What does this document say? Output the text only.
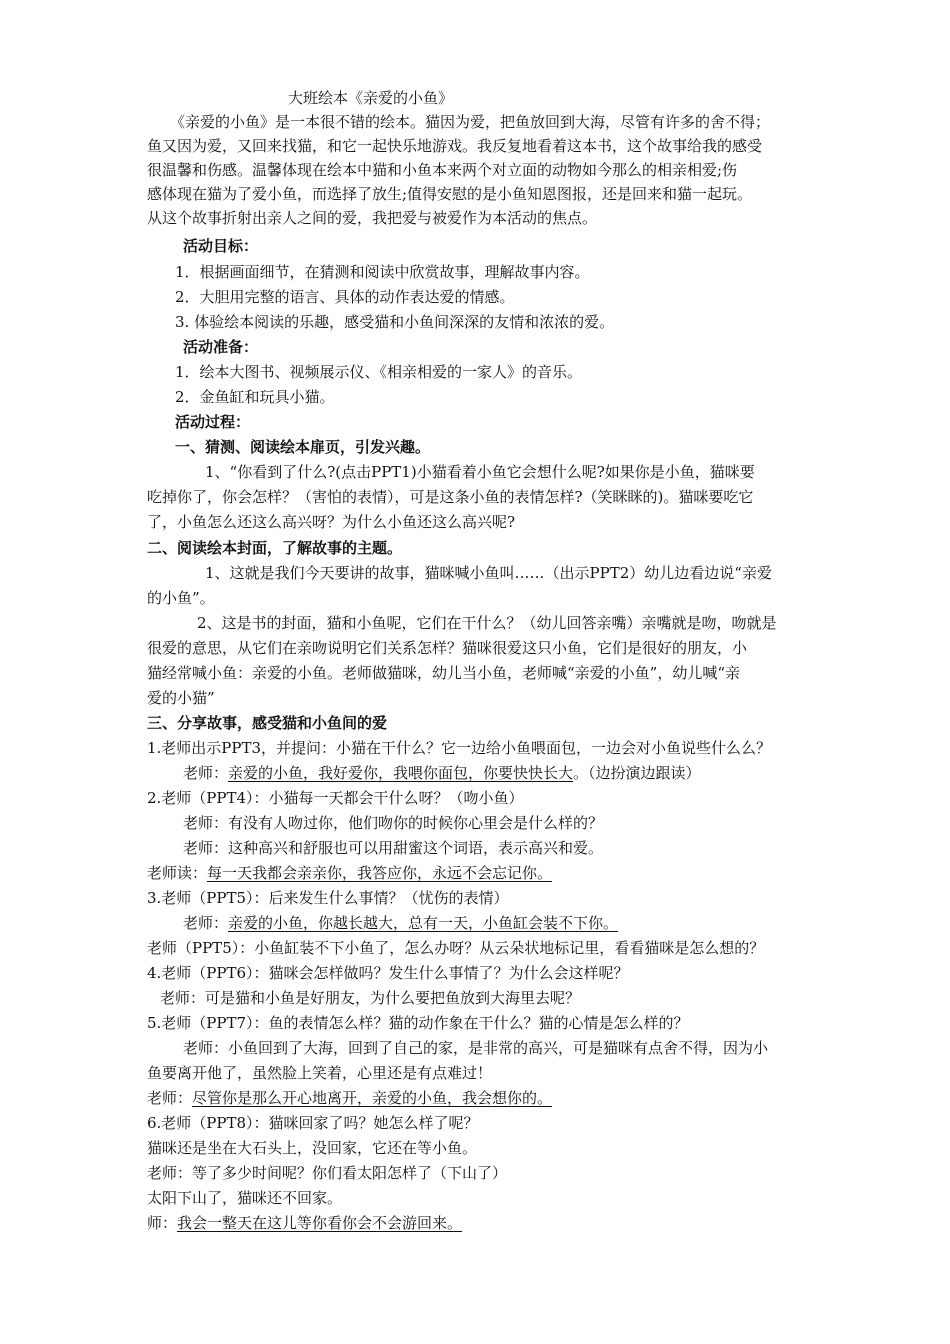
大班绘本《亲爱的小鱼》
《亲爱的小鱼》是一本很不错的绘本。猫因为爱，把鱼放回到大海，尽管有许多的舍不得；
鱼又因为爱，又回来找猫，和它一起快乐地游戏。我反复地看着这本书，这个故事给我的感受
很温馨和伤感。温馨体现在绘本中猫和小鱼本来两个对立面的动物如今那么的相亲相爱;伤
感体现在猫为了爱小鱼，而选择了放生;值得安慰的是小鱼知恩图报，还是回来和猫一起玩。
从这个故事折射出亲人之间的爱，我把爱与被爱作为本活动的焦点。
活动目标：
1．根据画面细节，在猜测和阅读中欣赏故事，理解故事内容。
2．大胆用完整的语言、具体的动作表达爱的情感。
3. 体验绘本阅读的乐趣，感受猫和小鱼间深深的友情和浓浓的爱。
活动准备：
1．绘本大图书、视频展示仪、《相亲相爱的一家人》的音乐。
2．金鱼缸和玩具小猫。
活动过程：
一、猜测、阅读绘本扉页，引发兴趣。
1、“你看到了什么?(点击PPT1)小猫看着小鱼它会想什么呢?如果你是小鱼，猫咪要
吃掉你了，你会怎样？（害怕的表情），可是这条小鱼的表情怎样?（笑眯眯的)。猫咪要吃它
了，小鱼怎么还这么高兴呀？为什么小鱼还这么高兴呢?
二、阅读绘本封面，了解故事的主题。
1、这就是我们今天要讲的故事，猫咪喊小鱼叫……（出示PPT2）幼儿边看边说“亲爱
的小鱼”。
2、这是书的封面，猫和小鱼呢，它们在干什么？（幼儿回答亲嘴）亲嘴就是吻，吻就是
很爱的意思，从它们在亲吻说明它们关系怎样？猫咪很爱这只小鱼，它们是很好的朋友，小
猫经常喊小鱼：亲爱的小鱼。老师做猫咪，幼儿当小鱼，老师喊“亲爱的小鱼”，幼儿喊“亲
爱的小猫”
三、分享故事，感受猫和小鱼间的爱
1.老师出示PPT3，并提问：小猫在干什么？它一边给小鱼喂面包，一边会对小鱼说些什么么？
老师：亲爱的小鱼，我好爱你，我喂你面包，你要快快长大。（边扮演边跟读）
2.老师（PPT4）：小猫每一天都会干什么呀？（吻小鱼）
老师：有没有人吻过你，他们吻你的时候你心里会是什么样的？
老师：这种高兴和舒服也可以用甜蜜这个词语，表示高兴和爱。
老师读：每一天我都会亲亲你，我答应你，永远不会忘记你。
3.老师（PPT5）：后来发生什么事情？（忧伤的表情）
老师：亲爱的小鱼，你越长越大，总有一天，小鱼缸会装不下你。
老师（PPT5）：小鱼缸装不下小鱼了，怎么办呀？从云朵状地标记里，看看猫咪是怎么想的？
4.老师（PPT6）：猫咪会怎样做吗？发生什么事情了？为什么会这样呢？
老师：可是猫和小鱼是好朋友，为什么要把鱼放到大海里去呢？
5.老师（PPT7）：鱼的表情怎么样？猫的动作象在干什么？猫的心情是怎么样的？
老师：小鱼回到了大海，回到了自己的家，是非常的高兴，可是猫咪有点舍不得，因为小
鱼要离开他了，虽然脸上笑着，心里还是有点难过！
老师：尽管你是那么开心地离开，亲爱的小鱼，我会想你的。
6.老师（PPT8）：猫咪回家了吗？她怎么样了呢？
猫咪还是坐在大石头上，没回家，它还在等小鱼。
老师：等了多少时间呢？你们看太阳怎样了（下山了）
太阳下山了，猫咪还不回家。
师：我会一整天在这儿等你看你会不会游回来。
